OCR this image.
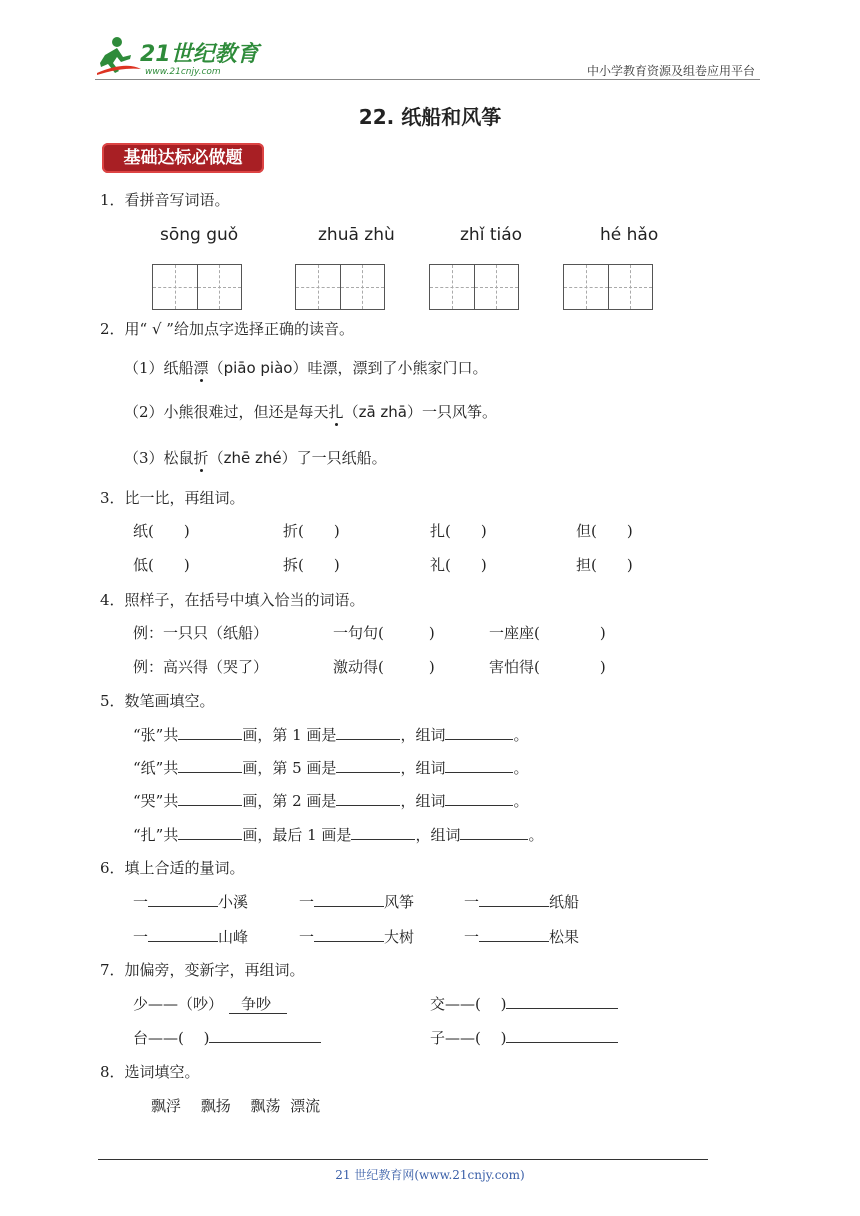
21世纪教育
www.21cnjy.com	中小学教育资源及组卷应用平台
22. 纸船和风筝
基础达标必做题
1．看拼音写词语。
sōng guǒ	zhuā zhù	zhǐ tiáo	hé hǎo
2．用“ √ ”给加点字选择正确的读音。
（1）纸船漂（piāo piào）哇漂，漂到了小熊家门口。
（2）小熊很难过，但还是每天扎（zā zhā）一只风筝。
（3）松鼠折（zhē zhé）了一只纸船。
3．比一比，再组词。
纸(　　)	折(　　)	扎(　　)	但(　　)
低(　　)	拆(　　)	礼(　　)	担(　　)
4．照样子，在括号中填入恰当的词语。
例：一只只（纸船）	一句句(　　　)	一座座(　　　　)
例：高兴得（哭了）	激动得(　　　)	害怕得(　　　　)
5．数笔画填空。
“张”共	画，第 1 画是	，组词	。
“纸”共	画，第 5 画是	，组词	。
“哭”共	画，第 2 画是	，组词	。
“扎”共	画，最后 1 画是	，组词	。
6．填上合适的量词。
一	小溪	一	风筝	一	纸船
一	山峰	一	大树	一	松果
7．加偏旁，变新字，再组词。
少——（吵） 争吵	交——(　 )
台——(　 )	子——(　 )
8．选词填空。
飘浮　 飘扬　 飘荡  漂流
21 世纪教育网(www.21cnjy.com)
